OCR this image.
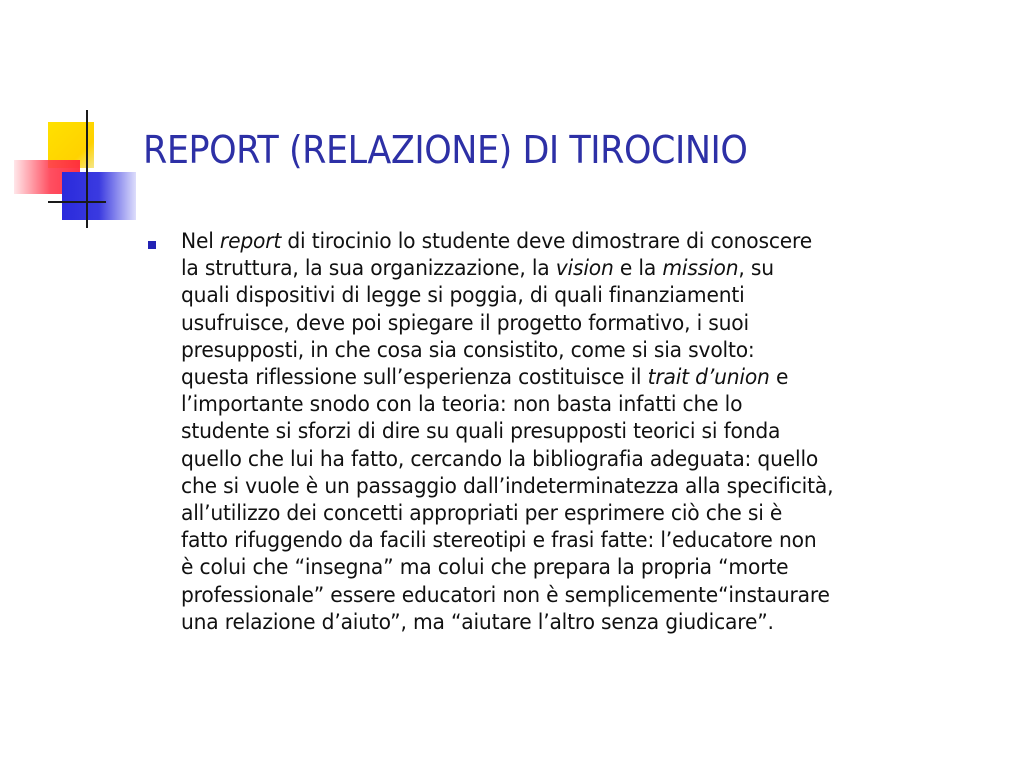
REPORT (RELAZIONE) DI TIROCINIO

Nel report di tirocinio lo studente deve dimostrare di conoscere
la struttura, la sua organizzazione, la vision e la mission, su
quali dispositivi di legge si poggia, di quali finanziamenti
usufruisce, deve poi spiegare il progetto formativo, i suoi
presupposti, in che cosa sia consistito, come si sia svolto:
questa riflessione sull’esperienza costituisce il trait d’union e
l’importante snodo con la teoria: non basta infatti che lo
studente si sforzi di dire su quali presupposti teorici si fonda
quello che lui ha fatto, cercando la bibliografia adeguata: quello
che si vuole è un passaggio dall’indeterminatezza alla specificità,
all’utilizzo dei concetti appropriati per esprimere ciò che si è
fatto rifuggendo da facili stereotipi e frasi fatte: l’educatore non
è colui che “insegna” ma colui che prepara la propria “morte
professionale” essere educatori non è semplicemente“instaurare
una relazione d’aiuto”, ma “aiutare l’altro senza giudicare”.
